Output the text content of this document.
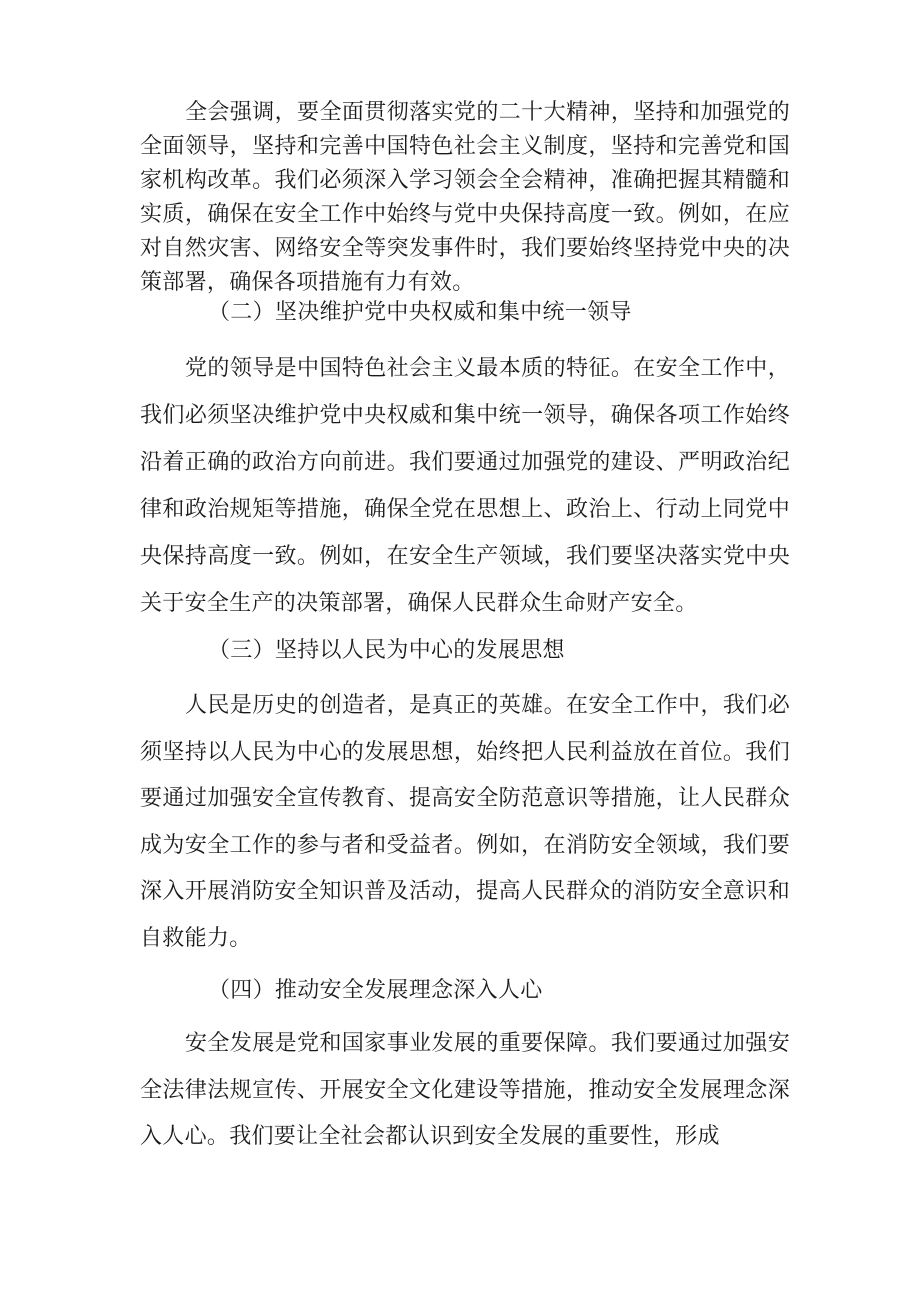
全会强调，要全面贯彻落实党的二十大精神，坚持和加强党的全面领导，坚持和完善中国特色社会主义制度，坚持和完善党和国家机构改革。我们必须深入学习领会全会精神，准确把握其精髓和实质，确保在安全工作中始终与党中央保持高度一致。例如，在应对自然灾害、网络安全等突发事件时，我们要始终坚持党中央的决策部署，确保各项措施有力有效。

（二）坚决维护党中央权威和集中统一领导

党的领导是中国特色社会主义最本质的特征。在安全工作中，我们必须坚决维护党中央权威和集中统一领导，确保各项工作始终沿着正确的政治方向前进。我们要通过加强党的建设、严明政治纪律和政治规矩等措施，确保全党在思想上、政治上、行动上同党中央保持高度一致。例如，在安全生产领域，我们要坚决落实党中央关于安全生产的决策部署，确保人民群众生命财产安全。

（三）坚持以人民为中心的发展思想

人民是历史的创造者，是真正的英雄。在安全工作中，我们必须坚持以人民为中心的发展思想，始终把人民利益放在首位。我们要通过加强安全宣传教育、提高安全防范意识等措施，让人民群众成为安全工作的参与者和受益者。例如，在消防安全领域，我们要深入开展消防安全知识普及活动，提高人民群众的消防安全意识和自救能力。

（四）推动安全发展理念深入人心

安全发展是党和国家事业发展的重要保障。我们要通过加强安全法律法规宣传、开展安全文化建设等措施，推动安全发展理念深入人心。我们要让全社会都认识到安全发展的重要性，形成
